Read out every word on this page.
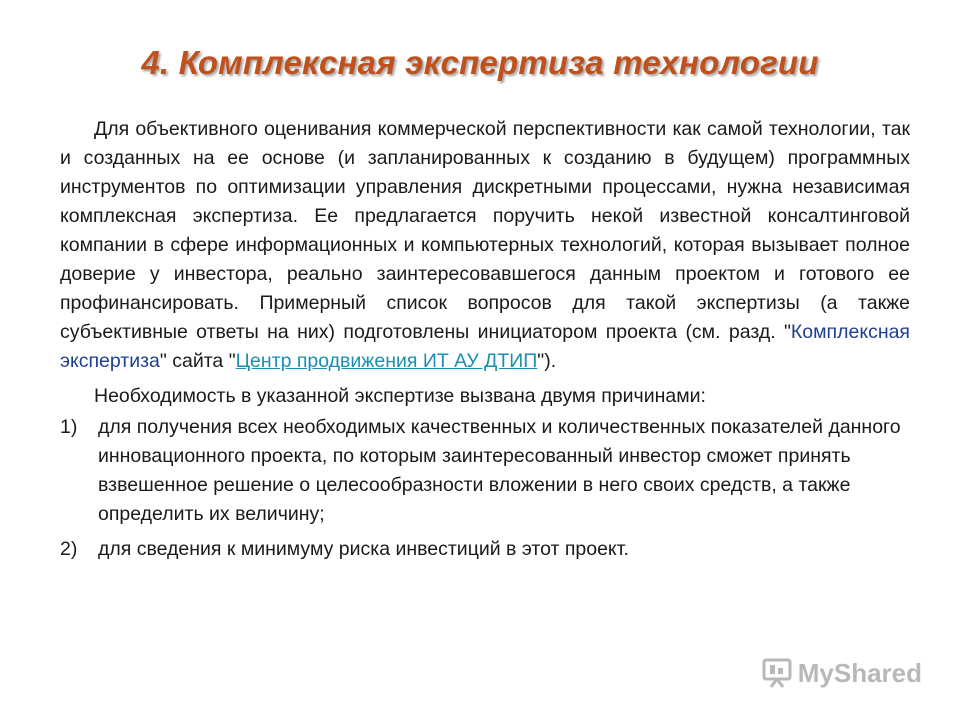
4. Комплексная экспертиза технологии

Для объективного оценивания коммерческой перспективности как самой технологии, так и созданных на ее основе (и запланированных к созданию в будущем) программных инструментов по оптимизации управления дискретными процессами, нужна независимая комплексная экспертиза. Ее предлагается поручить некой известной консалтинговой компании в сфере информационных и компьютерных технологий, которая вызывает полное доверие у инвестора, реально заинтересовавшегося данным проектом и готового ее профинансировать. Примерный список вопросов для такой экспертизы (а также субъективные ответы на них) подготовлены инициатором проекта (см. разд. "Комплексная экспертиза" сайта "Центр продвижения ИТ АУ ДТИП").

Необходимость в указанной экспертизе вызвана двумя причинами:

1)	для получения всех необходимых качественных и количественных показателей данного инновационного проекта, по которым заинтересованный инвестор сможет принять взвешенное решение о целесообразности вложении в него своих средств, а также определить их величину;
2)	для сведения к минимуму риска инвестиций в этот проект.
MyShared
